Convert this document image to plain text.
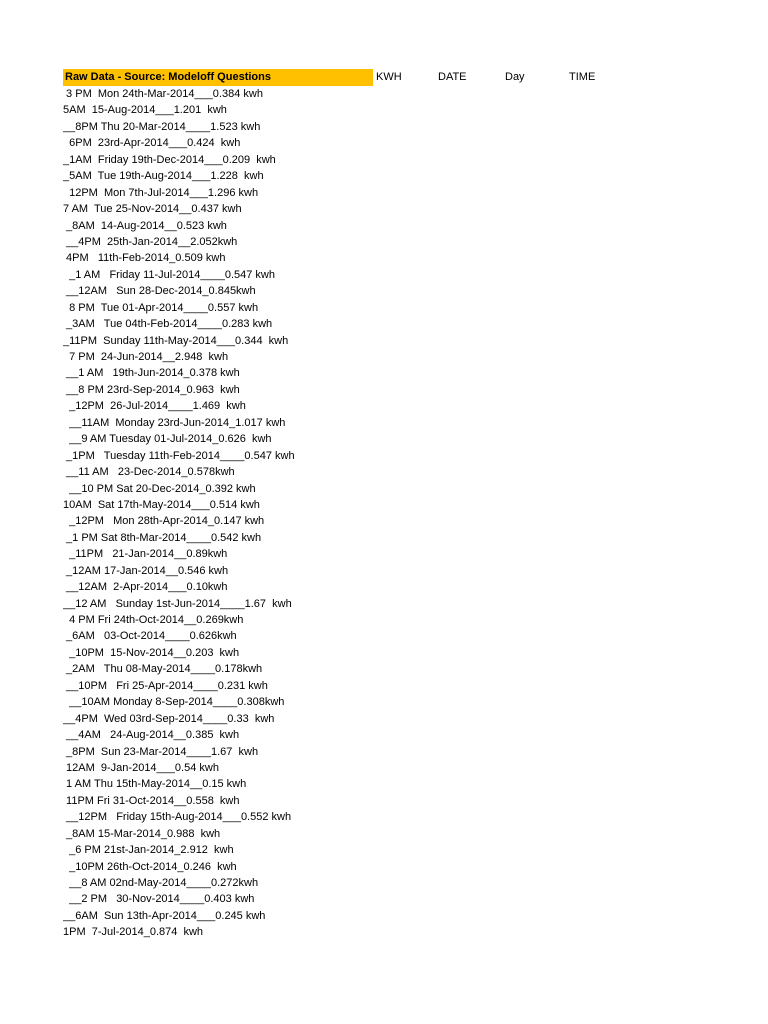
Raw Data - Source: Modeloff Questions	KWH	DATE	Day	TIME
3 PM  Mon 24th-Mar-2014___0.384 kwh
5AM  15-Aug-2014___1.201  kwh
__8PM Thu 20-Mar-2014____1.523 kwh
6PM  23rd-Apr-2014___0.424  kwh
_1AM  Friday 19th-Dec-2014___0.209  kwh
_5AM  Tue 19th-Aug-2014___1.228  kwh
12PM  Mon 7th-Jul-2014___1.296 kwh
7 AM  Tue 25-Nov-2014__0.437 kwh
_8AM  14-Aug-2014__0.523 kwh
__4PM  25th-Jan-2014__2.052kwh
4PM   11th-Feb-2014_0.509 kwh
_1 AM   Friday 11-Jul-2014____0.547 kwh
__12AM   Sun 28-Dec-2014_0.845kwh
8 PM  Tue 01-Apr-2014____0.557 kwh
_3AM   Tue 04th-Feb-2014____0.283 kwh
_11PM  Sunday 11th-May-2014___0.344  kwh
7 PM  24-Jun-2014__2.948  kwh
__1 AM   19th-Jun-2014_0.378 kwh
__8 PM 23rd-Sep-2014_0.963  kwh
_12PM  26-Jul-2014____1.469  kwh
__11AM  Monday 23rd-Jun-2014_1.017 kwh
__9 AM Tuesday 01-Jul-2014_0.626  kwh
_1PM   Tuesday 11th-Feb-2014____0.547 kwh
__11 AM   23-Dec-2014_0.578kwh
__10 PM Sat 20-Dec-2014_0.392 kwh
10AM  Sat 17th-May-2014___0.514 kwh
_12PM   Mon 28th-Apr-2014_0.147 kwh
_1 PM Sat 8th-Mar-2014____0.542 kwh
_11PM   21-Jan-2014__0.89kwh
_12AM 17-Jan-2014__0.546 kwh
__12AM  2-Apr-2014___0.10kwh
__12 AM   Sunday 1st-Jun-2014____1.67  kwh
4 PM Fri 24th-Oct-2014__0.269kwh
_6AM   03-Oct-2014____0.626kwh
_10PM  15-Nov-2014__0.203  kwh
_2AM   Thu 08-May-2014____0.178kwh
__10PM   Fri 25-Apr-2014____0.231 kwh
__10AM Monday 8-Sep-2014____0.308kwh
__4PM  Wed 03rd-Sep-2014____0.33  kwh
__4AM   24-Aug-2014__0.385  kwh
_8PM  Sun 23-Mar-2014____1.67  kwh
12AM  9-Jan-2014___0.54 kwh
1 AM Thu 15th-May-2014__0.15 kwh
11PM Fri 31-Oct-2014__0.558  kwh
__12PM   Friday 15th-Aug-2014___0.552 kwh
_8AM 15-Mar-2014_0.988  kwh
_6 PM 21st-Jan-2014_2.912  kwh
_10PM 26th-Oct-2014_0.246  kwh
__8 AM 02nd-May-2014____0.272kwh
__2 PM   30-Nov-2014____0.403 kwh
__6AM  Sun 13th-Apr-2014___0.245 kwh
1PM  7-Jul-2014_0.874  kwh
